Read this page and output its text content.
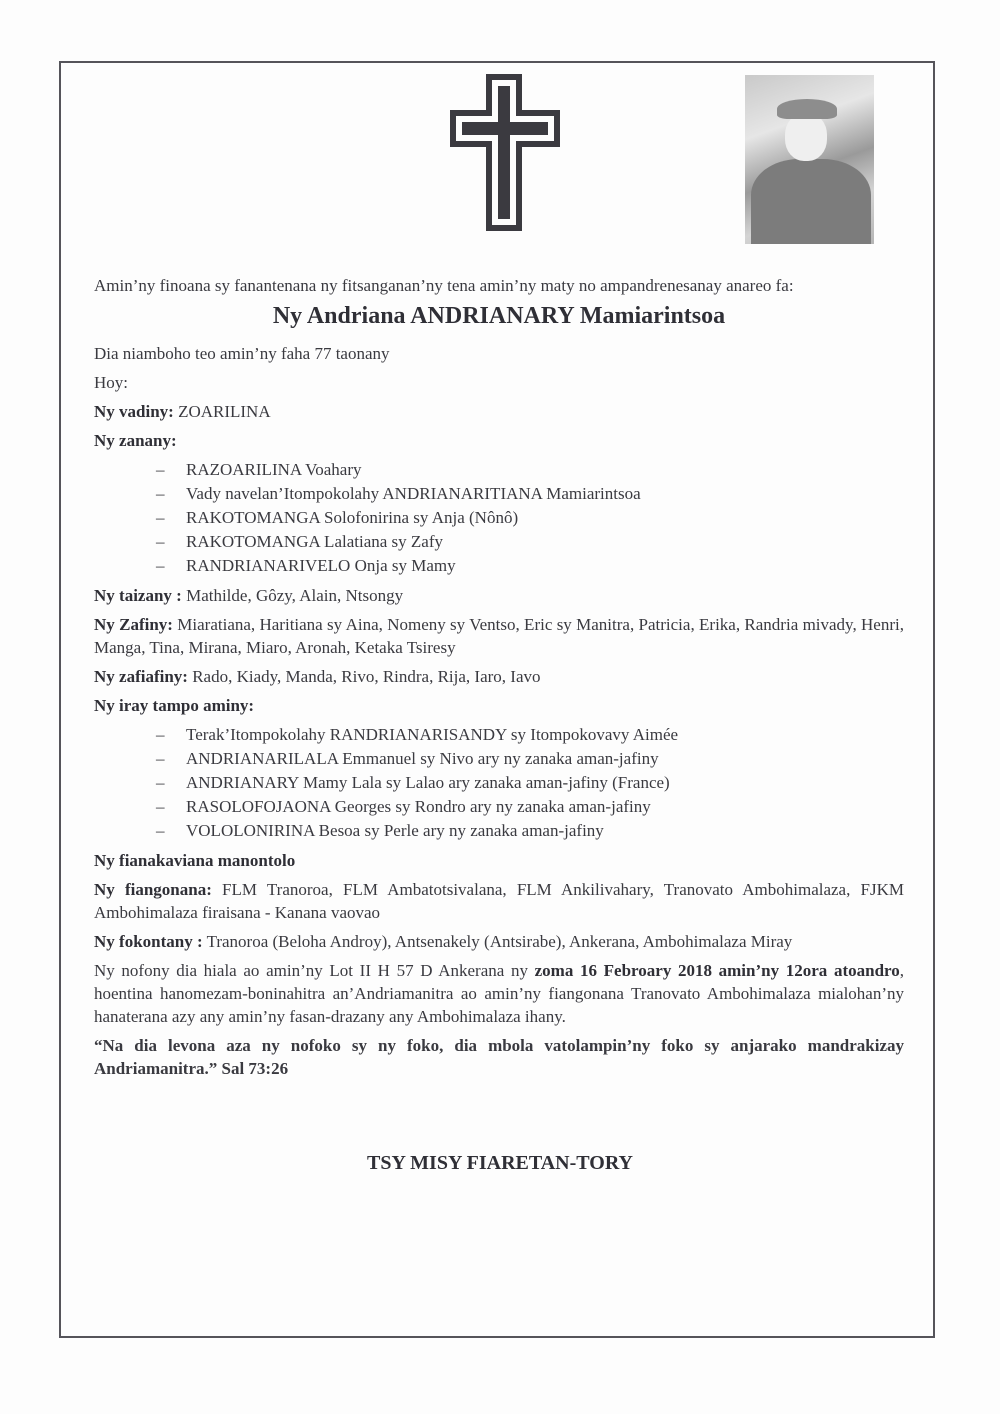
Amin’ny finoana sy fanantenana ny fitsanganan’ny tena amin’ny maty no ampandrenesanay anareo fa:

Ny Andriana ANDRIANARY Mamiarintsoa

Dia niamboho teo amin’ny faha 77 taonany

Hoy:

Ny vadiny: ZOARILINA

Ny zanany:

– RAZOARILINA Voahary
– Vady navelan’Itompokolahy ANDRIANARITIANA Mamiarintsoa
– RAKOTOMANGA Solofonirina sy Anja (Nônô)
– RAKOTOMANGA Lalatiana sy Zafy
– RANDRIANARIVELO Onja sy Mamy

Ny taizany : Mathilde, Gôzy, Alain, Ntsongy

Ny Zafiny: Miaratiana, Haritiana sy Aina, Nomeny sy Ventso, Eric sy Manitra, Patricia, Erika, Randria mivady, Henri, Manga, Tina, Mirana, Miaro, Aronah, Ketaka Tsiresy

Ny zafiafiny: Rado, Kiady, Manda, Rivo, Rindra, Rija, Iaro, Iavo

Ny iray tampo aminy:

– Terak’Itompokolahy RANDRIANARISANDY sy Itompokovavy Aimée
– ANDRIANARILALA Emmanuel sy Nivo ary ny zanaka aman-jafiny
– ANDRIANARY Mamy Lala sy Lalao ary zanaka aman-jafiny (France)
– RASOLOFOJAONA Georges sy Rondro ary ny zanaka aman-jafiny
– VOLOLONIRINA Besoa sy Perle ary ny zanaka aman-jafiny

Ny fianakaviana manontolo

Ny fiangonana: FLM Tranoroa, FLM Ambatotsivalana, FLM Ankilivahary, Tranovato Ambohimalaza, FJKM Ambohimalaza firaisana - Kanana vaovao

Ny fokontany : Tranoroa (Beloha Androy), Antsenakely (Antsirabe), Ankerana, Ambohimalaza Miray

Ny nofony dia hiala ao amin’ny Lot II H 57 D Ankerana ny zoma 16 Febroary 2018 amin’ny 12ora atoandro, hoentina hanomezam-boninahitra an’Andriamanitra ao amin’ny fiangonana Tranovato Ambohimalaza mialohan’ny hanaterana azy any amin’ny fasan-drazany any Ambohimalaza ihany.

“Na dia levona aza ny nofoko sy ny foko, dia mbola vatolampin’ny foko sy anjarako mandrakizay Andriamanitra.” Sal 73:26

TSY MISY FIARETAN-TORY
